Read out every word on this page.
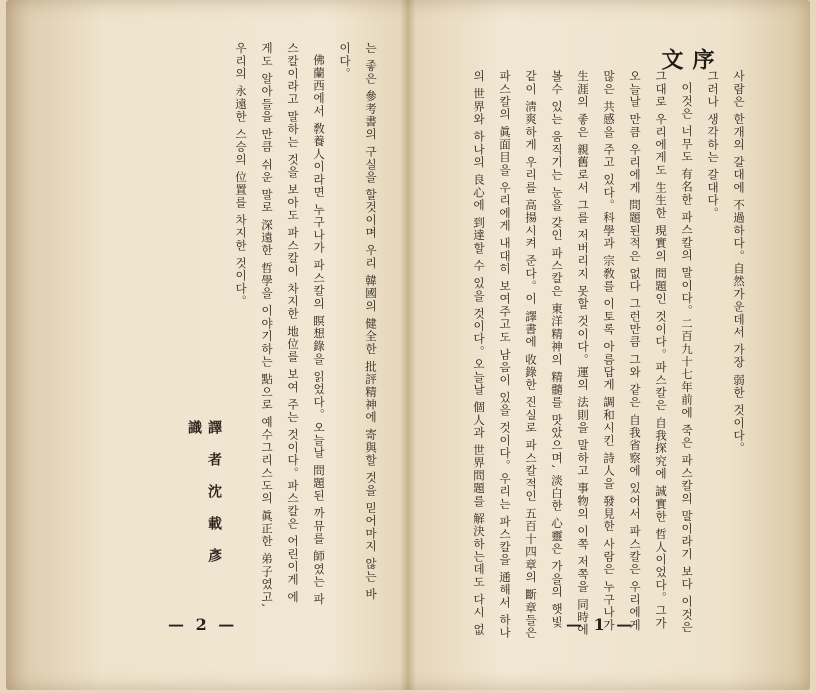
는 좋은 參考書의 구실을 할것이며 우리 韓國의 健全한 批評精神에 寄與할 것을 믿어마지 않는 바
이다。
佛蘭西에서 敎養人이라면 누구나가 파스칼의 瞑想錄을 읽었다。오늘날 問題된 까뮤를 師였는 파
스칼이라고 말하는 것을 보아도 파스칼이 차지한 地位를 보여 주는 것이다。파스칼은 어린이게 에
게도 알아들을 만큼 쉬운 말로 深遠한 哲學을 이야기하는 點으로 예수그리스도의 眞正한 弟子였고,
우리의 永遠한 스승의 位置를 차지한 것이다。
譯者沈載彥識
— 2 —
序 文	사람은 한개의 갈대에 不過하다。自然가운데서 가장 弱한 것이다。
그러나 생각하는 갈대다。
이것은 너무도 有名한 파스칼의 말이다。二百九十七年前에 죽은 파스칼의 말이라기 보다 이것은
그대로 우리에게도 生生한 現實의 問題인 것이다。파스칼은 自我探究에 誠實한 哲人이었다。그가
오늘날 만큼 우리에게 問題된적은 없다 그런만큼 그와 같은 自我省察에 있어서 파스칼은 우리에게
많은 共感을 주고 있다。科學과 宗敎를 이토록 아름답게 調和시킨 詩人을 發見한 사람은 누구나가
生涯의 좋은 親舊로서 그를 저버리지 못할 것이다。運의 法則을 말하고 事物의 이쪽 저쪽을 同時에
볼수 있는 움직기는 눈을 갖인 파스칼은 東洋精神의 精髓를 맛았으며, 淡白한 心靈은 가을의 햇빛
같이 淸爽하게 우리를 高揚시켜 준다。이 譯書에 收錄한 진실로 파스칼적인 五百十四章의 斷章들은
파스칼의 眞面目을 우리에게 내대히 보여주고도 남음이 있을 것이다。우리는 파스칼을 通해서 하나
의 世界와 하나의 良心에 到達할 수 있을 것이다。오늘날 個人과 世界問題를 解決하는데도 다시 없	— 1 —
